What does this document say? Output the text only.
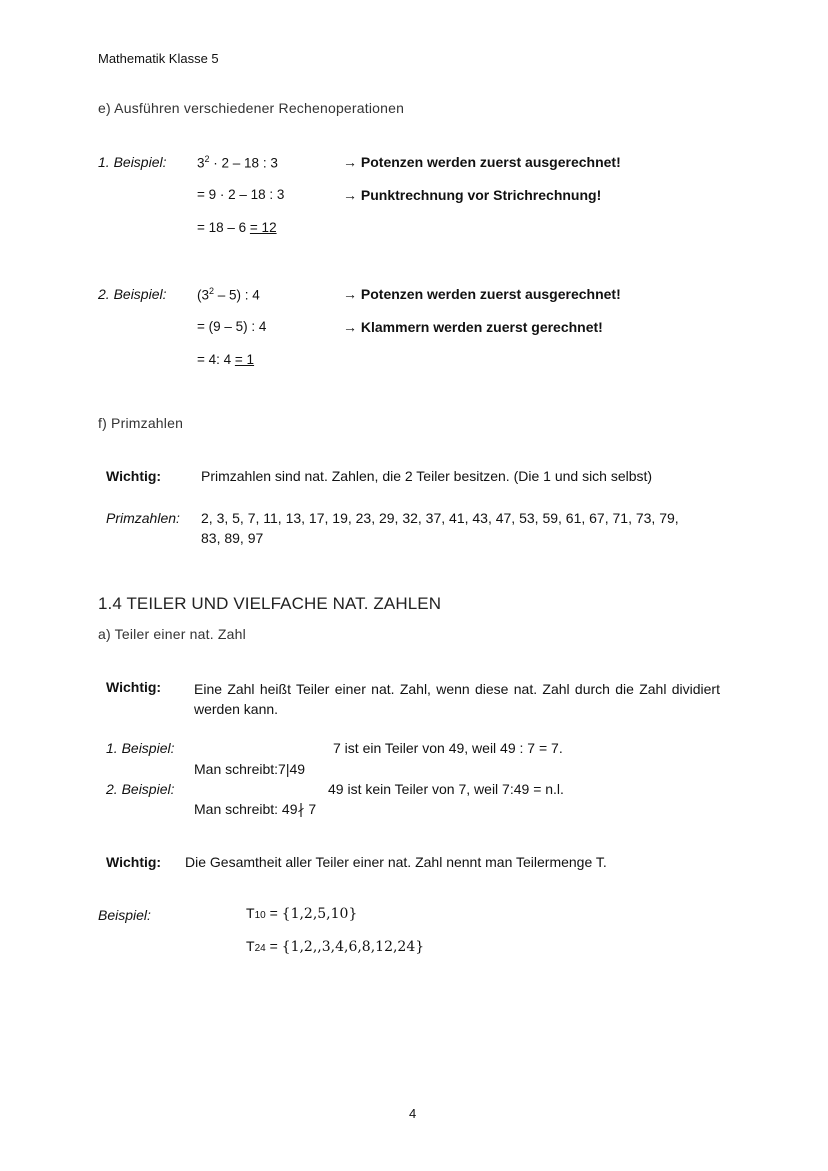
Mathematik Klasse 5
e) Ausführen verschiedener Rechenoperationen
1. Beispiel: $3^2 \cdot 2 - 18$ : 3	→ Potenzen werden zuerst ausgerechnet!
= 9 · 2 – 18 : 3	→ Punktrechnung vor Strichrechnung!
= 18 – 6 = 12
2. Beispiel: $(3^2 - 5)$ : 4	→ Potenzen werden zuerst ausgerechnet!
= (9 – 5) : 4	→ Klammern werden zuerst gerechnet!
= 4: 4 = 1
f) Primzahlen
Wichtig:	Primzahlen sind nat. Zahlen, die 2 Teiler besitzen. (Die 1 und sich selbst)
Primzahlen: 2, 3, 5, 7, 11, 13, 17, 19, 23, 29, 32, 37, 41, 43, 47, 53, 59, 61, 67, 71, 73, 79,
83, 89, 97
1.4 TEILER UND VIELFACHE NAT. ZAHLEN
a) Teiler einer nat. Zahl
Wichtig: Eine Zahl heißt Teiler einer nat. Zahl, wenn diese nat. Zahl durch die Zahl dividiert werden kann.
1. Beispiel:	7 ist ein Teiler von 49, weil 49 : 7 = 7.
Man schreibt:7|49
2. Beispiel:	49 ist kein Teiler von 7, weil 7:49 = n.l.
Man schreibt: 49∤ 7
Wichtig: Die Gesamtheit aller Teiler einer nat. Zahl nennt man Teilermenge T.
Beispiel:	T10 = {1,2,5,10}
T24 = {1,2,,3,4,6,8,12,24}
4
